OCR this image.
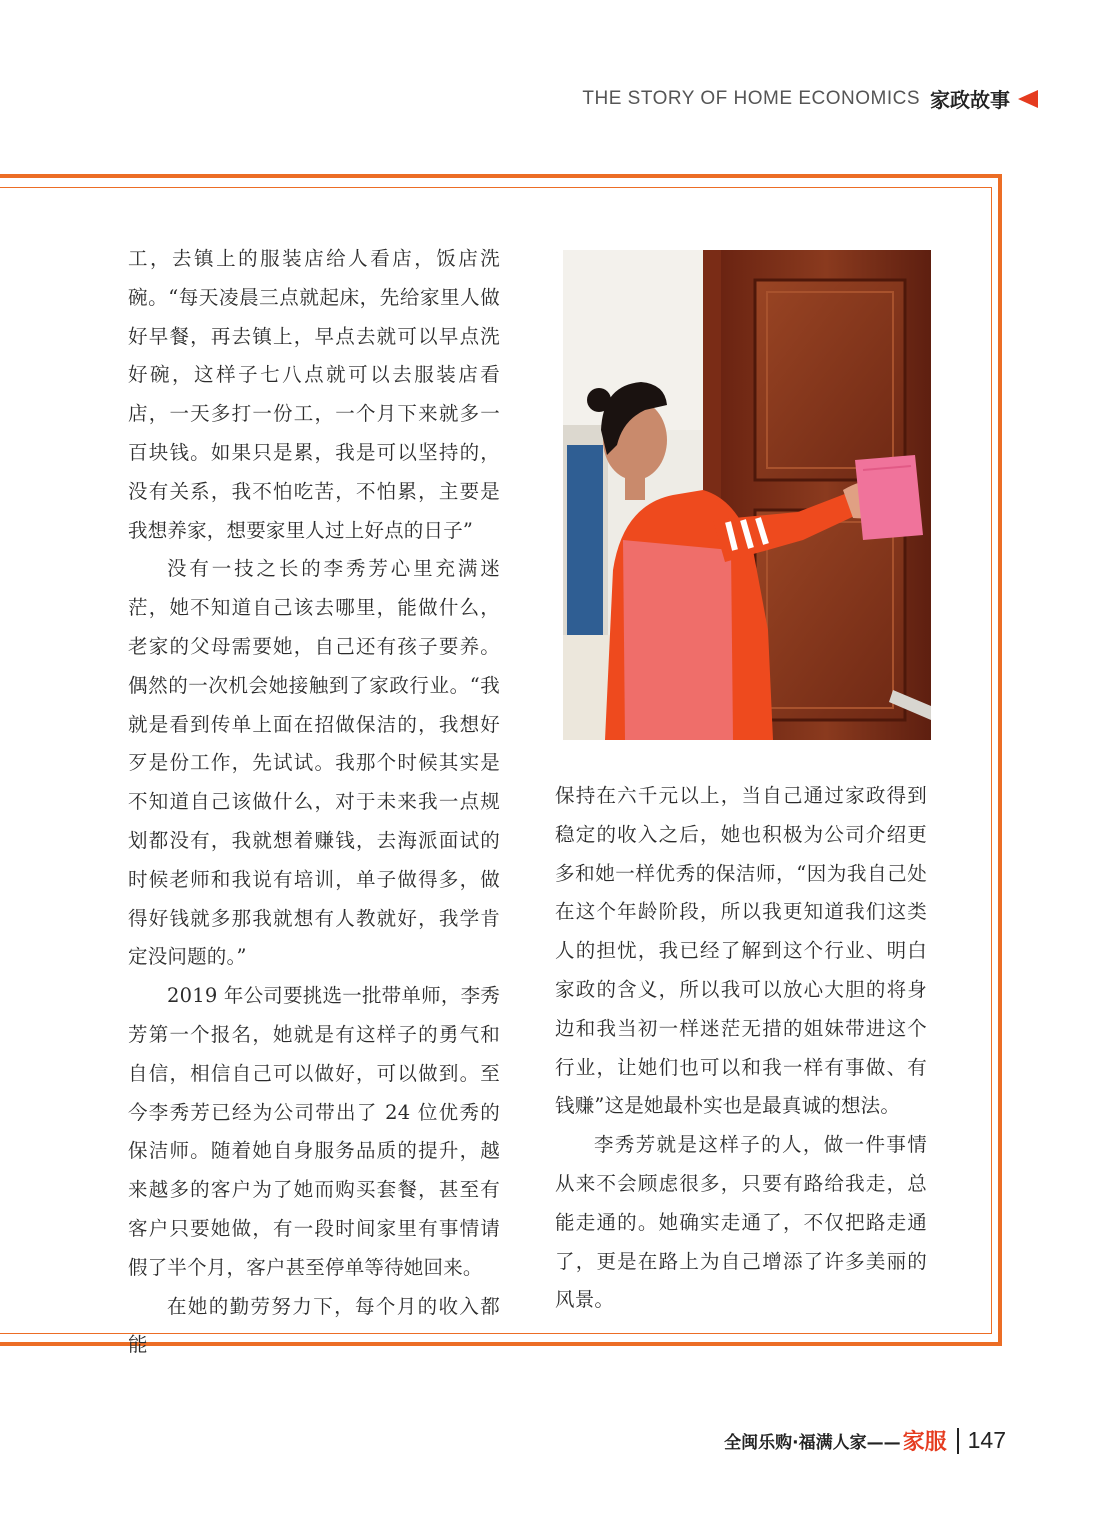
THE STORY OF HOME ECONOMICS 家政故事

工，去镇上的服装店给人看店，饭店洗碗。“每天凌晨三点就起床，先给家里人做好早餐，再去镇上，早点去就可以早点洗好碗，这样子七八点就可以去服装店看店，一天多打一份工，一个月下来就多一百块钱。如果只是累，我是可以坚持的，没有关系，我不怕吃苦，不怕累，主要是我想养家，想要家里人过上好点的日子”

没有一技之长的李秀芳心里充满迷茫，她不知道自己该去哪里，能做什么，老家的父母需要她，自己还有孩子要养。偶然的一次机会她接触到了家政行业。“我就是看到传单上面在招做保洁的，我想好歹是份工作，先试试。我那个时候其实是不知道自己该做什么，对于未来我一点规划都没有，我就想着赚钱，去海派面试的时候老师和我说有培训，单子做得多，做得好钱就多那我就想有人教就好，我学肯定没问题的。”

2019 年公司要挑选一批带单师，李秀芳第一个报名，她就是有这样子的勇气和自信，相信自己可以做好，可以做到。至今李秀芳已经为公司带出了 24 位优秀的保洁师。随着她自身服务品质的提升，越来越多的客户为了她而购买套餐，甚至有客户只要她做，有一段时间家里有事情请假了半个月，客户甚至停单等待她回来。

在她的勤劳努力下，每个月的收入都能

保持在六千元以上，当自己通过家政得到稳定的收入之后，她也积极为公司介绍更多和她一样优秀的保洁师，“因为我自己处在这个年龄阶段，所以我更知道我们这类人的担忧，我已经了解到这个行业、明白家政的含义，所以我可以放心大胆的将身边和我当初一样迷茫无措的姐妹带进这个行业，让她们也可以和我一样有事做、有钱赚”这是她最朴实也是最真诚的想法。

李秀芳就是这样子的人，做一件事情从来不会顾虑很多，只要有路给我走，总能走通的。她确实走通了，不仅把路走通了，更是在路上为自己增添了许多美丽的风景。

全闽乐购·福满人家—— 家服 147
